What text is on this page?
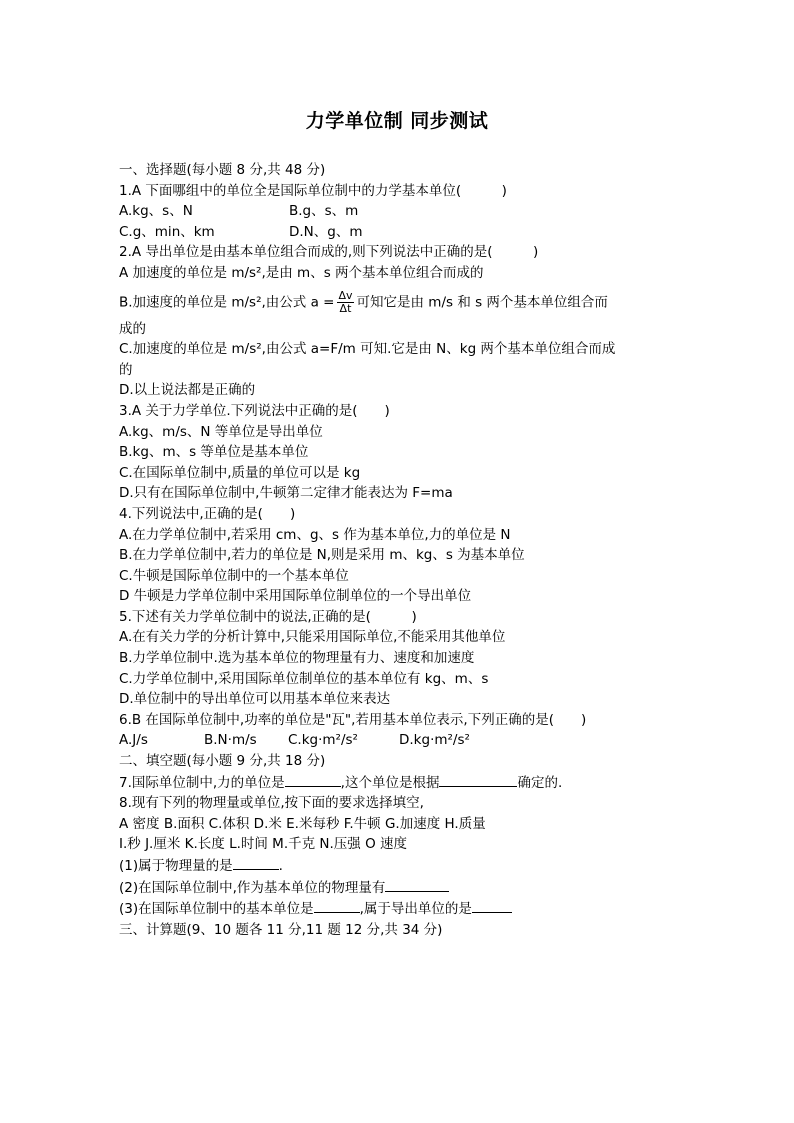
力学单位制 同步测试
一、选择题(每小题 8 分,共 48 分)
1.A 下面哪组中的单位全是国际单位制中的力学基本单位(　　　)
A.kg、s、N	B.g、s、m
C.g、min、km	D.N、g、m
2.A 导出单位是由基本单位组合而成的,则下列说法中正确的是(　　　)
A 加速度的单位是 m/s²,是由 m、s 两个基本单位组合而成的
B.加速度的单位是 m/s²,由公式 $a = \frac{\Delta v}{\Delta t}$ 可知它是由 m/s 和 s 两个基本单位组合而
成的
C.加速度的单位是 m/s²,由公式 a=F/m 可知.它是由 N、kg 两个基本单位组合而成
的
D.以上说法都是正确的
3.A 关于力学单位.下列说法中正确的是(　　)
A.kg、m/s、N 等单位是导出单位
B.kg、m、s 等单位是基本单位
C.在国际单位制中,质量的单位可以是 kg
D.只有在国际单位制中,牛顿第二定律才能表达为 F=ma
4.下列说法中,正确的是(　　)
A.在力学单位制中,若采用 cm、g、s 作为基本单位,力的单位是 N
B.在力学单位制中,若力的单位是 N,则是采用 m、kg、s 为基本单位
C.牛顿是国际单位制中的一个基本单位
D 牛顿是力学单位制中采用国际单位制单位的一个导出单位
5.下述有关力学单位制中的说法,正确的是(　　　)
A.在有关力学的分析计算中,只能采用国际单位,不能采用其他单位
B.力学单位制中.选为基本单位的物理量有力、速度和加速度
C.力学单位制中,采用国际单位制单位的基本单位有 kg、m、s
D.单位制中的导出单位可以用基本单位来表达
6.B 在国际单位制中,功率的单位是"瓦",若用基本单位表示,下列正确的是(　　)
A.J/s	B.N·m/s	C.kg·m²/s²	D.kg·m²/s²
二、填空题(每小题 9 分,共 18 分)
7.国际单位制中,力的单位是	,这个单位是根据	确定的.
8.现有下列的物理量或单位,按下面的要求选择填空,
A 密度 B.面积 C.体积 D.米 E.米每秒 F.牛顿 G.加速度 H.质量
I.秒 J.厘米 K.长度 L.时间 M.千克 N.压强 O 速度
(1)属于物理量的是	.
(2)在国际单位制中,作为基本单位的物理量有
(3)在国际单位制中的基本单位是	,属于导出单位的是
三、计算题(9、10 题各 11 分,11 题 12 分,共 34 分)
